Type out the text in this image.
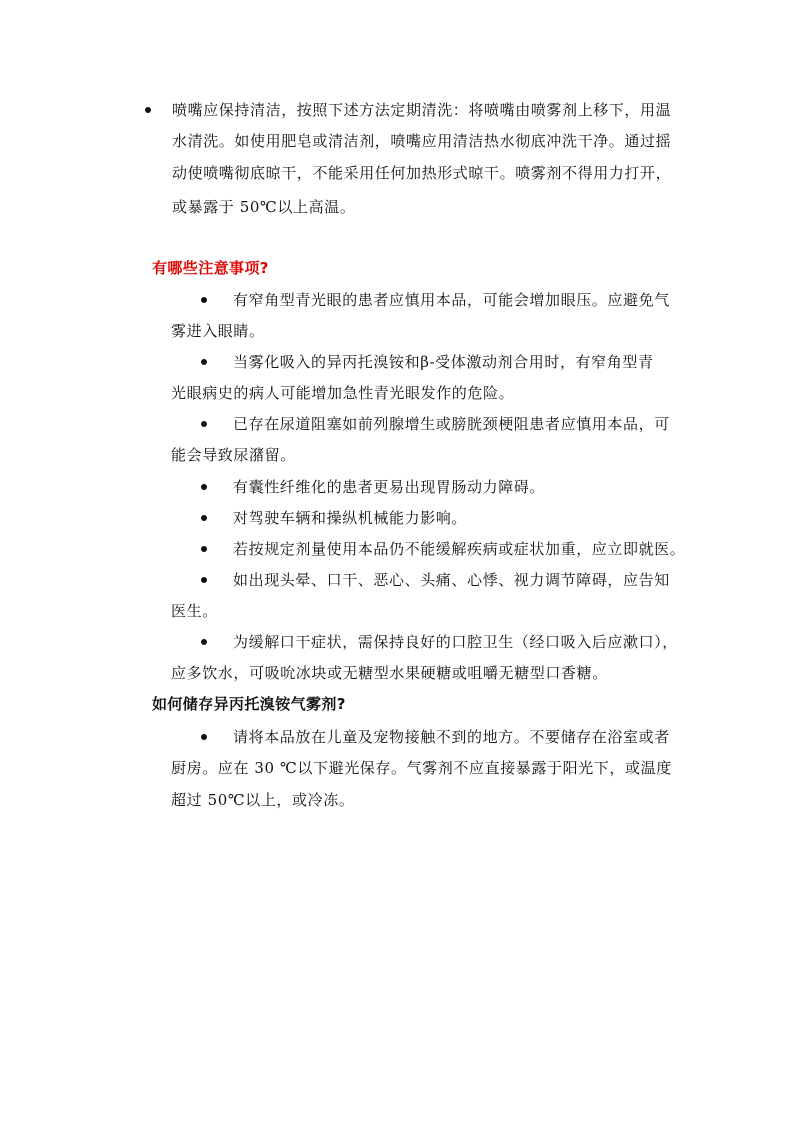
喷嘴应保持清洁，按照下述方法定期清洗：将喷嘴由喷雾剂上移下，用温
水清洗。如使用肥皂或清洁剂，喷嘴应用清洁热水彻底冲洗干净。通过摇
动使喷嘴彻底晾干，不能采用任何加热形式晾干。喷雾剂不得用力打开，
或暴露于 50℃以上高温。
有哪些注意事项?
有窄角型青光眼的患者应慎用本品，可能会增加眼压。应避免气
雾进入眼睛。
当雾化吸入的异丙托溴铵和β-受体激动剂合用时，有窄角型青
光眼病史的病人可能增加急性青光眼发作的危险。
已存在尿道阻塞如前列腺增生或膀胱颈梗阻患者应慎用本品，可
能会导致尿潴留。
有囊性纤维化的患者更易出现胃肠动力障碍。
对驾驶车辆和操纵机械能力影响。
若按规定剂量使用本品仍不能缓解疾病或症状加重，应立即就医。
如出现头晕、口干、恶心、头痛、心悸、视力调节障碍，应告知
医生。
为缓解口干症状，需保持良好的口腔卫生（经口吸入后应漱口），
应多饮水，可吸吮冰块或无糖型水果硬糖或咀嚼无糖型口香糖。
如何储存异丙托溴铵气雾剂?
请将本品放在儿童及宠物接触不到的地方。不要储存在浴室或者
厨房。应在 30 ℃以下避光保存。气雾剂不应直接暴露于阳光下，或温度
超过 50℃以上，或冷冻。
